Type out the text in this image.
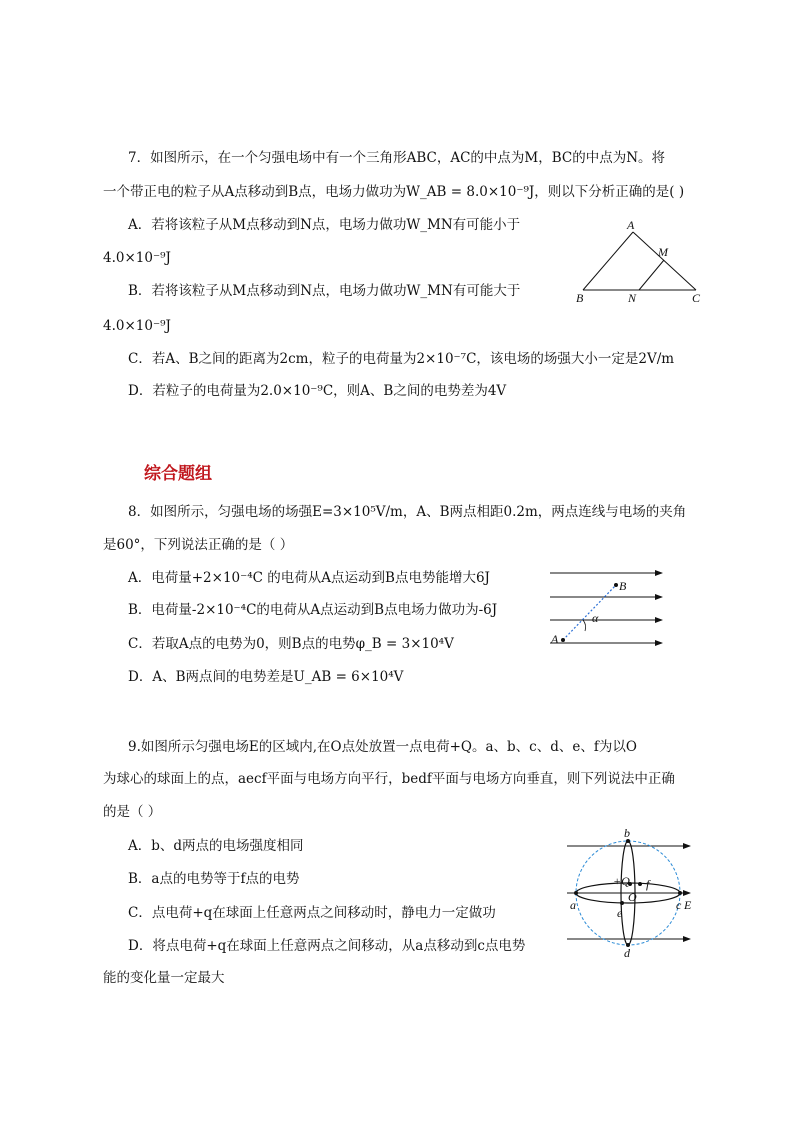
7．如图所示，在一个匀强电场中有一个三角形ABC，AC的中点为M，BC的中点为N。将
一个带正电的粒子从A点移动到B点，电场力做功为W_AB = 8.0×10⁻⁹J，则以下分析正确的是( )
A．若将该粒子从M点移动到N点，电场力做功W_MN有可能小于
4.0×10⁻⁹J
B．若将该粒子从M点移动到N点，电场力做功W_MN有可能大于
4.0×10⁻⁹J
C．若A、B之间的距离为2cm，粒子的电荷量为2×10⁻⁷C，该电场的场强大小一定是2V/m
D．若粒子的电荷量为2.0×10⁻⁹C，则A、B之间的电势差为4V
A
M
B	N	C
综合题组
8．如图所示，匀强电场的场强E=3×10⁵V/m，A、B两点相距0.2m，两点连线与电场的夹角
是60°，下列说法正确的是（ ）
A．电荷量+2×10⁻⁴C 的电荷从A点运动到B点电势能增大6J
B．电荷量-2×10⁻⁴C的电荷从A点运动到B点电场力做功为-6J
C．若取A点的电势为0，则B点的电势φ_B = 3×10⁴V
D．A、B两点间的电势差是U_AB = 6×10⁴V
A
B
α
9.如图所示匀强电场E的区域内,在O点处放置一点电荷+Q。a、b、c、d、e、f为以O
为球心的球面上的点，aecf平面与电场方向平行，bedf平面与电场方向垂直，则下列说法中正确
的是（ ）
A．b、d两点的电场强度相同
B．a点的电势等于f点的电势
C．点电荷+q在球面上任意两点之间移动时，静电力一定做功
D．将点电荷+q在球面上任意两点之间移动，从a点移动到c点电势
能的变化量一定最大
b
d
a	c E
+Q f
O
e
